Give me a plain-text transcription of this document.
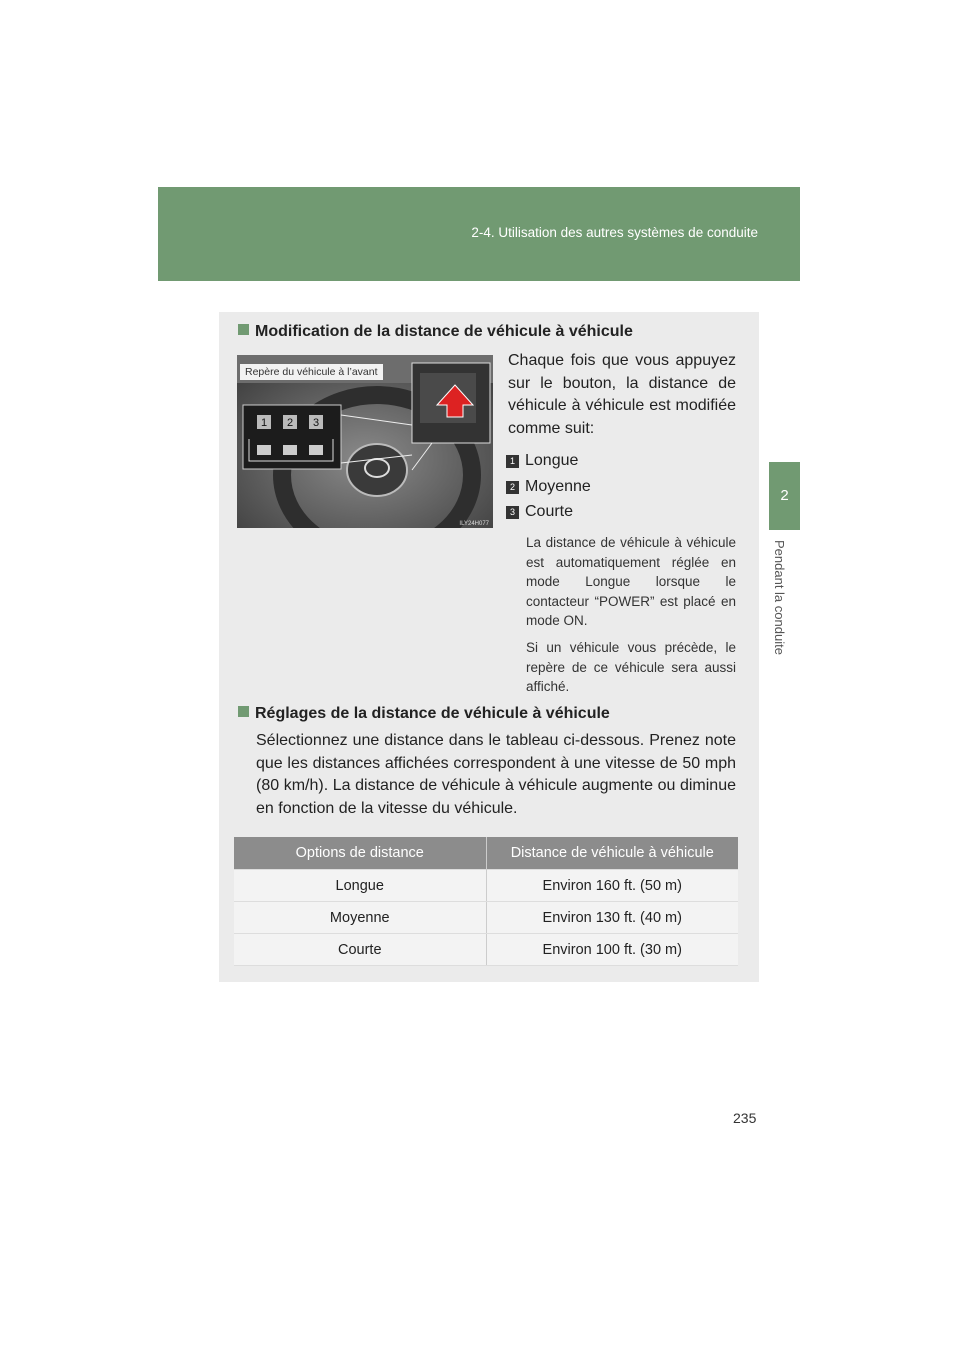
2-4. Utilisation des autres systèmes de conduite
2
Pendant la conduite
Modification de la distance de véhicule à véhicule
1 2 3
ILY24H077
Repère du véhicule à l’avant
Chaque fois que vous appuyez sur le bouton, la distance de véhicule à véhicule est modifiée comme suit:
1 Longue
2 Moyenne
3 Courte
La distance de véhicule à véhicule est automatiquement réglée en mode Longue lorsque le contacteur “POWER” est placé en mode ON.
Si un véhicule vous précède, le repère de ce véhicule sera aussi affiché.
Réglages de la distance de véhicule à véhicule
Sélectionnez une distance dans le tableau ci-dessous. Prenez note que les distances affichées correspondent à une vitesse de 50 mph (80 km/h). La distance de véhicule à véhicule augmente ou diminue en fonction de la vitesse du véhicule.
Options de distance	Distance de véhicule à véhicule
Longue	Environ 160 ft. (50 m)
Moyenne	Environ 130 ft. (40 m)
Courte	Environ 100 ft. (30 m)
235
